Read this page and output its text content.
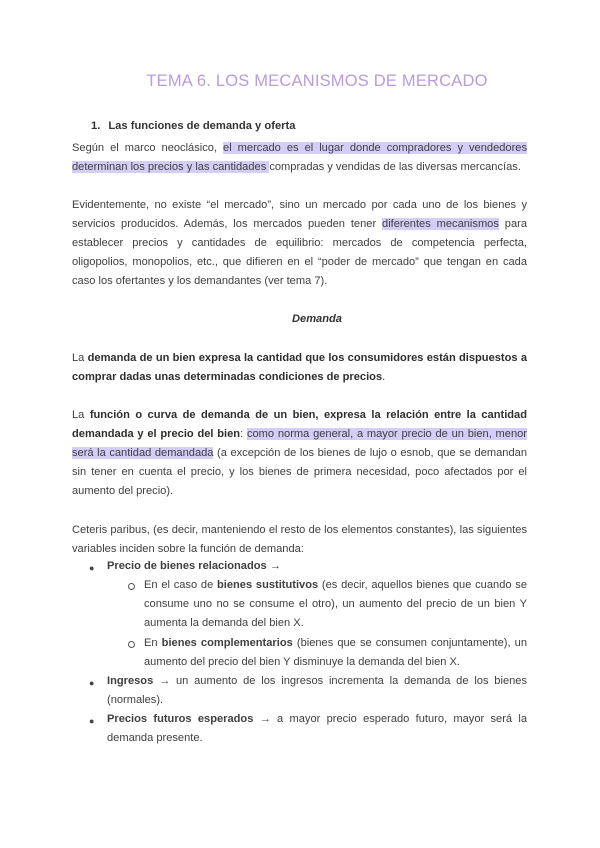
TEMA 6. LOS MECANISMOS DE MERCADO
1. Las funciones de demanda y oferta
Según el marco neoclásico, el mercado es el lugar donde compradores y vendedores determinan los precios y las cantidades compradas y vendidas de las diversas mercancías.
Evidentemente, no existe “el mercado”, sino un mercado por cada uno de los bienes y servicios producidos. Además, los mercados pueden tener diferentes mecanismos para establecer precios y cantidades de equilibrio: mercados de competencia perfecta, oligopolios, monopolios, etc., que difieren en el “poder de mercado” que tengan en cada caso los ofertantes y los demandantes (ver tema 7).
Demanda
La demanda de un bien expresa la cantidad que los consumidores están dispuestos a comprar dadas unas determinadas condiciones de precios.
La función o curva de demanda de un bien, expresa la relación entre la cantidad demandada y el precio del bien: como norma general, a mayor precio de un bien, menor será la cantidad demandada (a excepción de los bienes de lujo o esnob, que se demandan sin tener en cuenta el precio, y los bienes de primera necesidad, poco afectados por el aumento del precio).
Ceteris paribus, (es decir, manteniendo el resto de los elementos constantes), las siguientes variables inciden sobre la función de demanda:
● Precio de bienes relacionados →
En el caso de bienes sustitutivos (es decir, aquellos bienes que cuando se consume uno no se consume el otro), un aumento del precio de un bien Y aumenta la demanda del bien X.
En bienes complementarios (bienes que se consumen conjuntamente), un aumento del precio del bien Y disminuye la demanda del bien X.
● Ingresos → un aumento de los ingresos incrementa la demanda de los bienes (normales).
● Precios futuros esperados → a mayor precio esperado futuro, mayor será la demanda presente.
